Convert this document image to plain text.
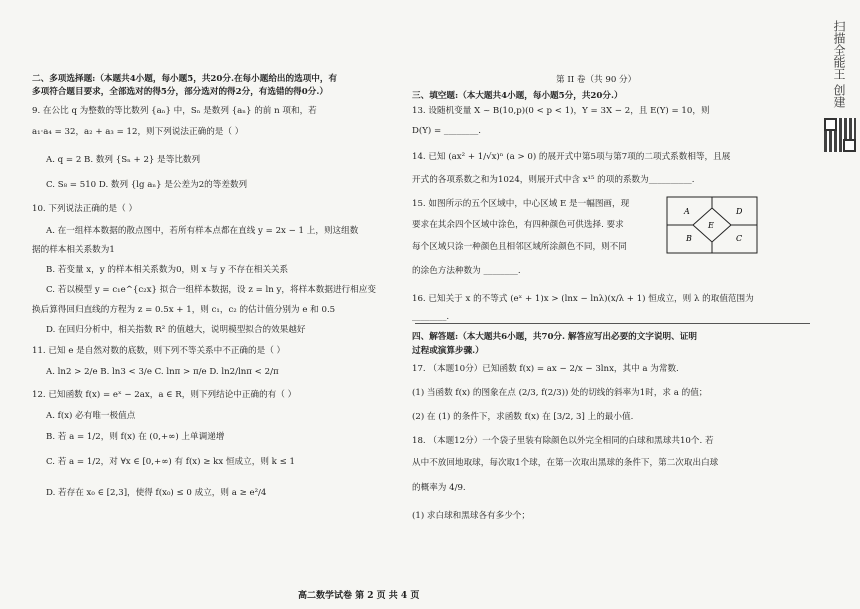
扫描全能王 创建
二、多项选择题:（本题共4小题，每小题5，共20分.在每小题给出的选项中，有
多项符合题目要求，全部选对的得5分，部分选对的得2分，有选错的得0分.）
9. 在公比 q 为整数的等比数列 {aₙ} 中，Sₙ 是数列 {aₙ} 的前 n 项和，若
a₁·a₄ = 32，a₂ + a₃ = 12，则下列说法正确的是（ ）
A. q = 2 B. 数列 {Sₙ + 2} 是等比数列
C. S₈ = 510 D. 数列 {lg aₙ} 是公差为2的等差数列
10. 下列说法正确的是（ ）
A. 在一组样本数据的散点图中，若所有样本点都在直线 y = 2x − 1 上，则这组数
据的样本相关系数为1
B. 若变量 x，y 的样本相关系数为0，则 x 与 y 不存在相关关系
C. 若以模型 y = c₁e^{c₂x} 拟合一组样本数据，设 z = ln y，将样本数据进行相应变
换后算得回归直线的方程为 z = 0.5x + 1，则 c₁，c₂ 的估计值分别为 e 和 0.5
D. 在回归分析中，相关指数 R² 的值越大，说明模型拟合的效果越好
11. 已知 e 是自然对数的底数，则下列不等关系中不正确的是（ ）
A. ln2 > 2/e B. ln3 < 3/e C. lnπ > π/e D. ln2/lnπ < 2/π
12. 已知函数 f(x) = eˣ − 2ax，a ∈ R，则下列结论中正确的有（ ）
A. f(x) 必有唯一极值点
B. 若 a = 1/2，则 f(x) 在 (0,+∞) 上单调递增
C. 若 a = 1/2，对 ∀x ∈ [0,+∞) 有 f(x) ≥ kx 恒成立，则 k ≤ 1
D. 若存在 x₀ ∈ [2,3]，使得 f(x₀) ≤ 0 成立，则 a ≥ e²/4
第 II 卷（共 90 分）
三、填空题:（本大题共4小题，每小题5分，共20分.）
13. 设随机变量 X ~ B(10,p)(0 < p < 1)，Y = 3X − 2，且 E(Y) = 10，则
D(Y) = ________.
14. 已知 (ax² + 1/√x)ⁿ (a > 0) 的展开式中第5项与第7项的二项式系数相等，且展
开式的各项系数之和为1024，则展开式中含 x¹⁵ 的项的系数为__________.
15. 如图所示的五个区域中，中心区域 E 是一幅图画，现
要求在其余四个区域中涂色，有四种颜色可供选择. 要求
每个区域只涂一种颜色且相邻区域所涂颜色不同，则不同
的涂色方法种数为 ________.
16. 已知关于 x 的不等式 (eˣ + 1)x > (lnx − lnλ)(x/λ + 1) 恒成立，则 λ 的取值范围为
________.
四、解答题:（本大题共6小题，共70分. 解答应写出必要的文字说明、证明
过程或演算步骤.）
17. （本题10分）已知函数 f(x) = ax − 2/x − 3lnx，其中 a 为常数.
(1) 当函数 f(x) 的图象在点 (2/3, f(2/3)) 处的切线的斜率为1时，求 a 的值；
(2) 在 (1) 的条件下，求函数 f(x) 在 [3/2, 3] 上的最小值.
18. （本题12分）一个袋子里装有除颜色以外完全相同的白球和黑球共10个. 若
从中不放回地取球，每次取1个球，在第一次取出黑球的条件下，第二次取出白球
的概率为 4/9.
(1) 求白球和黑球各有多少个；
A	D
E
B	C
高二数学试卷 第 2 页 共 4 页
